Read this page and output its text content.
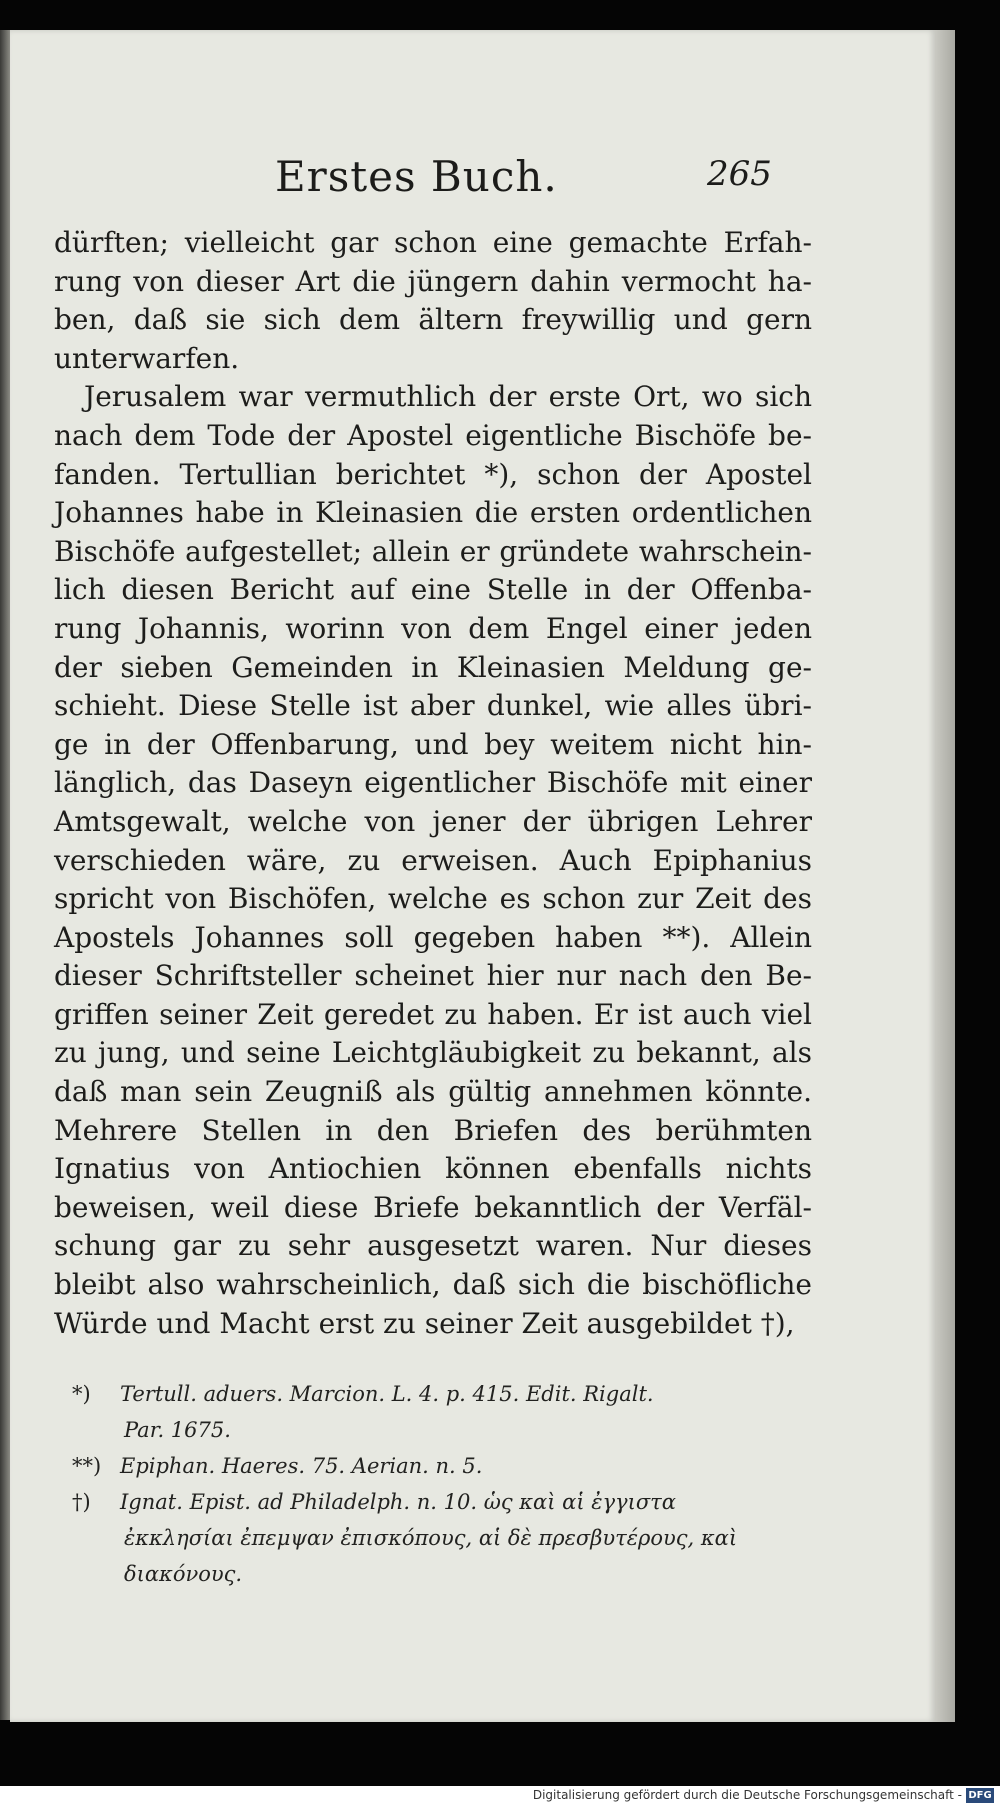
Erstes Buch.	265
dürften; vielleicht gar schon eine gemachte Erfah-
rung von dieser Art die jüngern dahin vermocht ha-
ben, daß sie sich dem ältern freywillig und gern
unterwarfen.
Jerusalem war vermuthlich der erste Ort, wo sich
nach dem Tode der Apostel eigentliche Bischöfe be-
fanden. Tertullian berichtet *), schon der Apostel
Johannes habe in Kleinasien die ersten ordentlichen
Bischöfe aufgestellet; allein er gründete wahrschein-
lich diesen Bericht auf eine Stelle in der Offenba-
rung Johannis, worinn von dem Engel einer jeden
der sieben Gemeinden in Kleinasien Meldung ge-
schieht. Diese Stelle ist aber dunkel, wie alles übri-
ge in der Offenbarung, und bey weitem nicht hin-
länglich, das Daseyn eigentlicher Bischöfe mit einer
Amtsgewalt, welche von jener der übrigen Lehrer
verschieden wäre, zu erweisen. Auch Epiphanius
spricht von Bischöfen, welche es schon zur Zeit des
Apostels Johannes soll gegeben haben **). Allein
dieser Schriftsteller scheinet hier nur nach den Be-
griffen seiner Zeit geredet zu haben. Er ist auch viel
zu jung, und seine Leichtgläubigkeit zu bekannt, als
daß man sein Zeugniß als gültig annehmen könnte.
Mehrere Stellen in den Briefen des berühmten
Ignatius von Antiochien können ebenfalls nichts
beweisen, weil diese Briefe bekanntlich der Verfäl-
schung gar zu sehr ausgesetzt waren. Nur dieses
bleibt also wahrscheinlich, daß sich die bischöfliche
Würde und Macht erst zu seiner Zeit ausgebildet †),
*) Tertull. aduers. Marcion. L. 4. p. 415. Edit. Rigalt.
Par. 1675.
**) Epiphan. Haeres. 75. Aerian. n. 5.
†) Ignat. Epist. ad Philadelph. n. 10. ὡς καὶ αἱ ἐγγιστα
ἐκκλησίαι ἐπεμψαν ἐπισκόπους, αἱ δὲ πρεσβυτέρους, καὶ
διακόνους.
Digitalisierung gefördert durch die Deutsche Forschungsgemeinschaft - DFG
